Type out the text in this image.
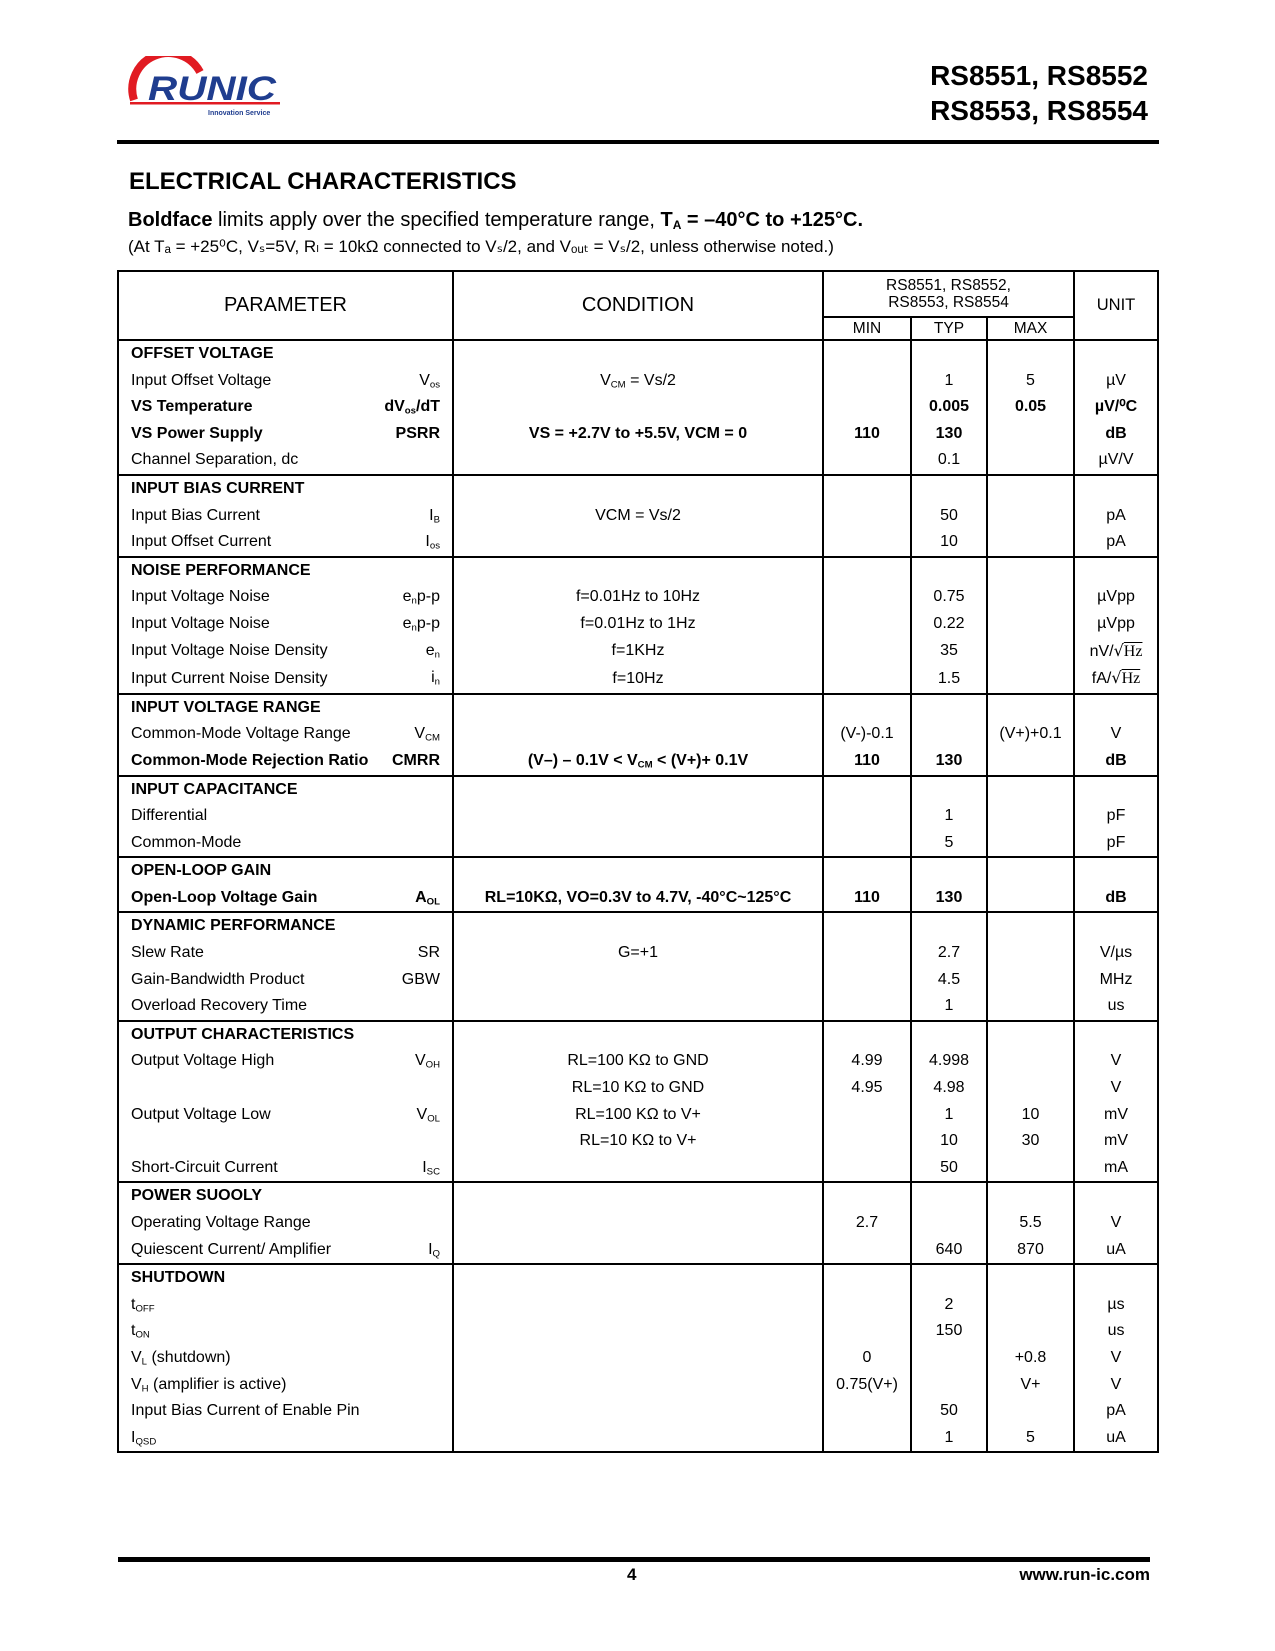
RUNIC
Innovation Service
RS8551, RS8552
RS8553, RS8554
ELECTRICAL CHARACTERISTICS
Boldface limits apply over the specified temperature range, $T_A = -40^\circ C$ to +125°C.
(At Tₐ = +25⁰C, Vₛ=5V, Rₗ = 10kΩ connected to Vₛ/2, and Vₒᵤₜ = Vₛ/2, unless otherwise noted.)
PARAMETER	CONDITION	RS8551, RS8552,
RS8553, RS8554			UNIT
		MIN	TYP	MAX	
OFFSET VOLTAGE					
Input Offset Voltage $V_{os}$	$V_{CM} = Vs/2$		1	5	µV
VS Temperature $dV_{os}/dT$			0.005	0.05	µV/⁰C
VS Power Supply PSRR	VS = +2.7V to +5.5V, VCM = 0	110	130		dB
Channel Separation, dc			0.1		µV/V
INPUT BIAS CURRENT					
Input Bias Current $I_B$	VCM = Vs/2		50		pA
Input Offset Current $I_{os}$			10		pA
NOISE PERFORMANCE					
Input Voltage Noise $e_np-p$	f=0.01Hz to 10Hz		0.75		µVpp
Input Voltage Noise $e_np-p$	f=0.01Hz to 1Hz		0.22		µVpp
Input Voltage Noise Density $e_n$	f=1KHz		35		nV/√Hz
Input Current Noise Density $i_n$	f=10Hz		1.5		fA/√Hz
INPUT VOLTAGE RANGE					
Common-Mode Voltage Range $V_{CM}$		(V-)-0.1		(V+)+0.1	V
Common-Mode Rejection Ratio CMRR	$(V-) - 0.1V < V_{CM} < (V+)+ 0.1V$	110	130		dB
INPUT CAPACITANCE					
Differential			1		pF
Common-Mode			5		pF
OPEN-LOOP GAIN					
Open-Loop Voltage Gain $A_{OL}$	RL=10KΩ, VO=0.3V to 4.7V, -40°C~125°C	110	130		dB
DYNAMIC PERFORMANCE					
Slew Rate SR	G=+1		2.7		V/µs
Gain-Bandwidth Product GBW			4.5		MHz
Overload Recovery Time			1		us
OUTPUT CHARACTERISTICS					
Output Voltage High $V_{OH}$	RL=100 KΩ to GND	4.99	4.998		V
	RL=10 KΩ to GND	4.95	4.98		V
Output Voltage Low $V_{OL}$	RL=100 KΩ to V+		1	10	mV
	RL=10 KΩ to V+		10	30	mV
Short-Circuit Current $I_{SC}$			50		mA
POWER SUOOLY					
Operating Voltage Range		2.7		5.5	V
Quiescent Current/ Amplifier $I_Q$			640	870	uA
SHUTDOWN					
$t_{OFF}$			2		µs
$t_{ON}$			150		us
$V_L$ (shutdown)		0		+0.8	V
$V_H$ (amplifier is active)		0.75(V+)		V+	V
Input Bias Current of Enable Pin			50		pA
$I_{QSD}$			1	5	uA
4	www.run-ic.com
